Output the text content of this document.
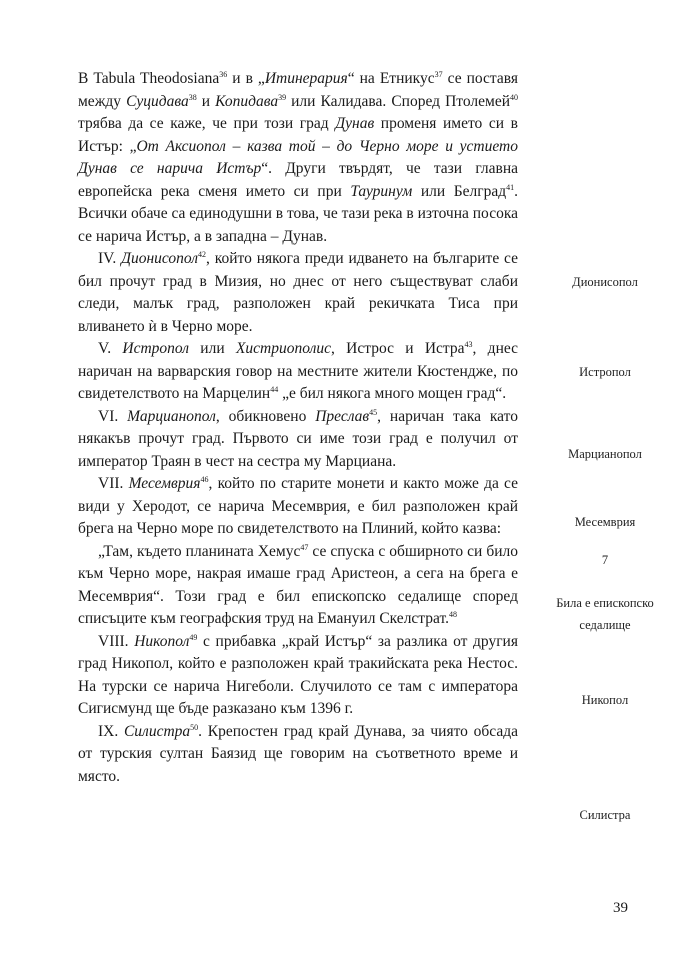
В Tabula Theodosiana$^{36}$ и в „Итинерария“ на Етникус$^{37}$ се поставя между Суцидава$^{38}$ и Копидава$^{39}$ или Калидава. Според Птолемей$^{40}$ трябва да се каже, че при този град Дунав променя името си в Истър: „От Аксиопол – казва той – до Черно море и устието Дунав се нарича Истър“. Други твърдят, че тази главна европейска река сменя името си при Тауринум или Белград$^{41}$. Всички обаче са единодушни в това, че тази река в източна посока се нарича Истър, а в западна – Дунав.

IV. Дионисопол$^{42}$, който някога преди идването на българите се бил прочут град в Мизия, но днес от него съществуват слаби следи, малък град, разположен край рекичката Тиса при вливането ѝ в Черно море.

V. Истропол или Хистриополис, Истрос и Истра$^{43}$, днес наричан на варварския говор на местните жители Кюстендже, по свидетелството на Марцелин$^{44}$ „е бил някога много мощен град“.

VI. Марцианопол, обикновено Преслав$^{45}$, наричан така като някакъв прочут град. Първото си име този град е получил от император Траян в чест на сестра му Марциана.

VII. Месемврия$^{46}$, който по старите монети и както може да се види у Херодот, се нарича Месемврия, е бил разположен край брега на Черно море по свидетелството на Плиний, който казва:

„Там, където планината Хемус$^{47}$ се спуска с обширното си било към Черно море, накрая имаше град Аристеон, а сега на брега е Месемврия“. Този град е бил епископско седалище според списъците към географския труд на Емануил Скелстрат.$^{48}$

VIII. Никопол$^{49}$ с прибавка „край Истър“ за разлика от другия град Никопол, който е разположен край тракийската река Нестос. На турски се нарича Нигеболи. Случилото се там с императора Сигисмунд ще бъде разказано към 1396 г.

IX. Силистра$^{50}$. Крепостен град край Дунава, за чиято обсада от турския султан Баязид ще говорим на съответното време и място.

Дионисопол
Истропол
Марцианопол
Месемврия
7
Била е епископско
седалище
Никопол
Силистра
39
